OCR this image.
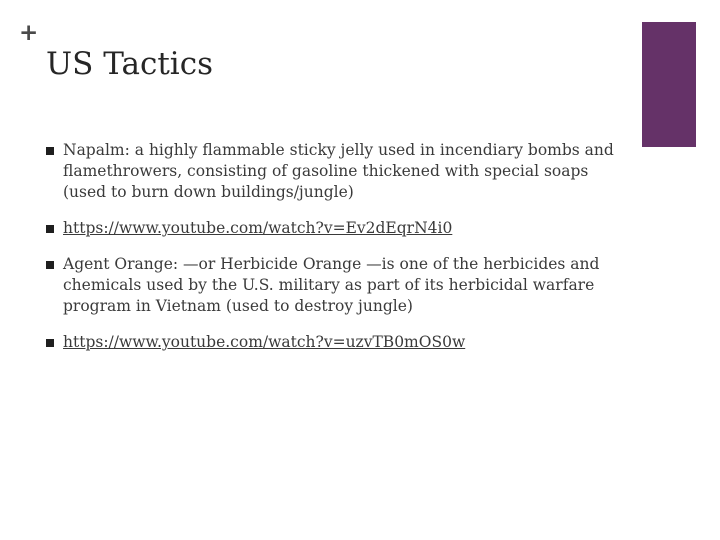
+
US Tactics
Napalm: a highly flammable sticky jelly used in incendiary bombs and flamethrowers, consisting of gasoline thickened with special soaps (used to burn down buildings/jungle)
https://www.youtube.com/watch?v=Ev2dEqrN4i0
Agent Orange: —or Herbicide Orange —is one of the herbicides and chemicals used by the U.S. military as part of its herbicidal warfare program in Vietnam (used to destroy jungle)
https://www.youtube.com/watch?v=uzvTB0mOS0w
